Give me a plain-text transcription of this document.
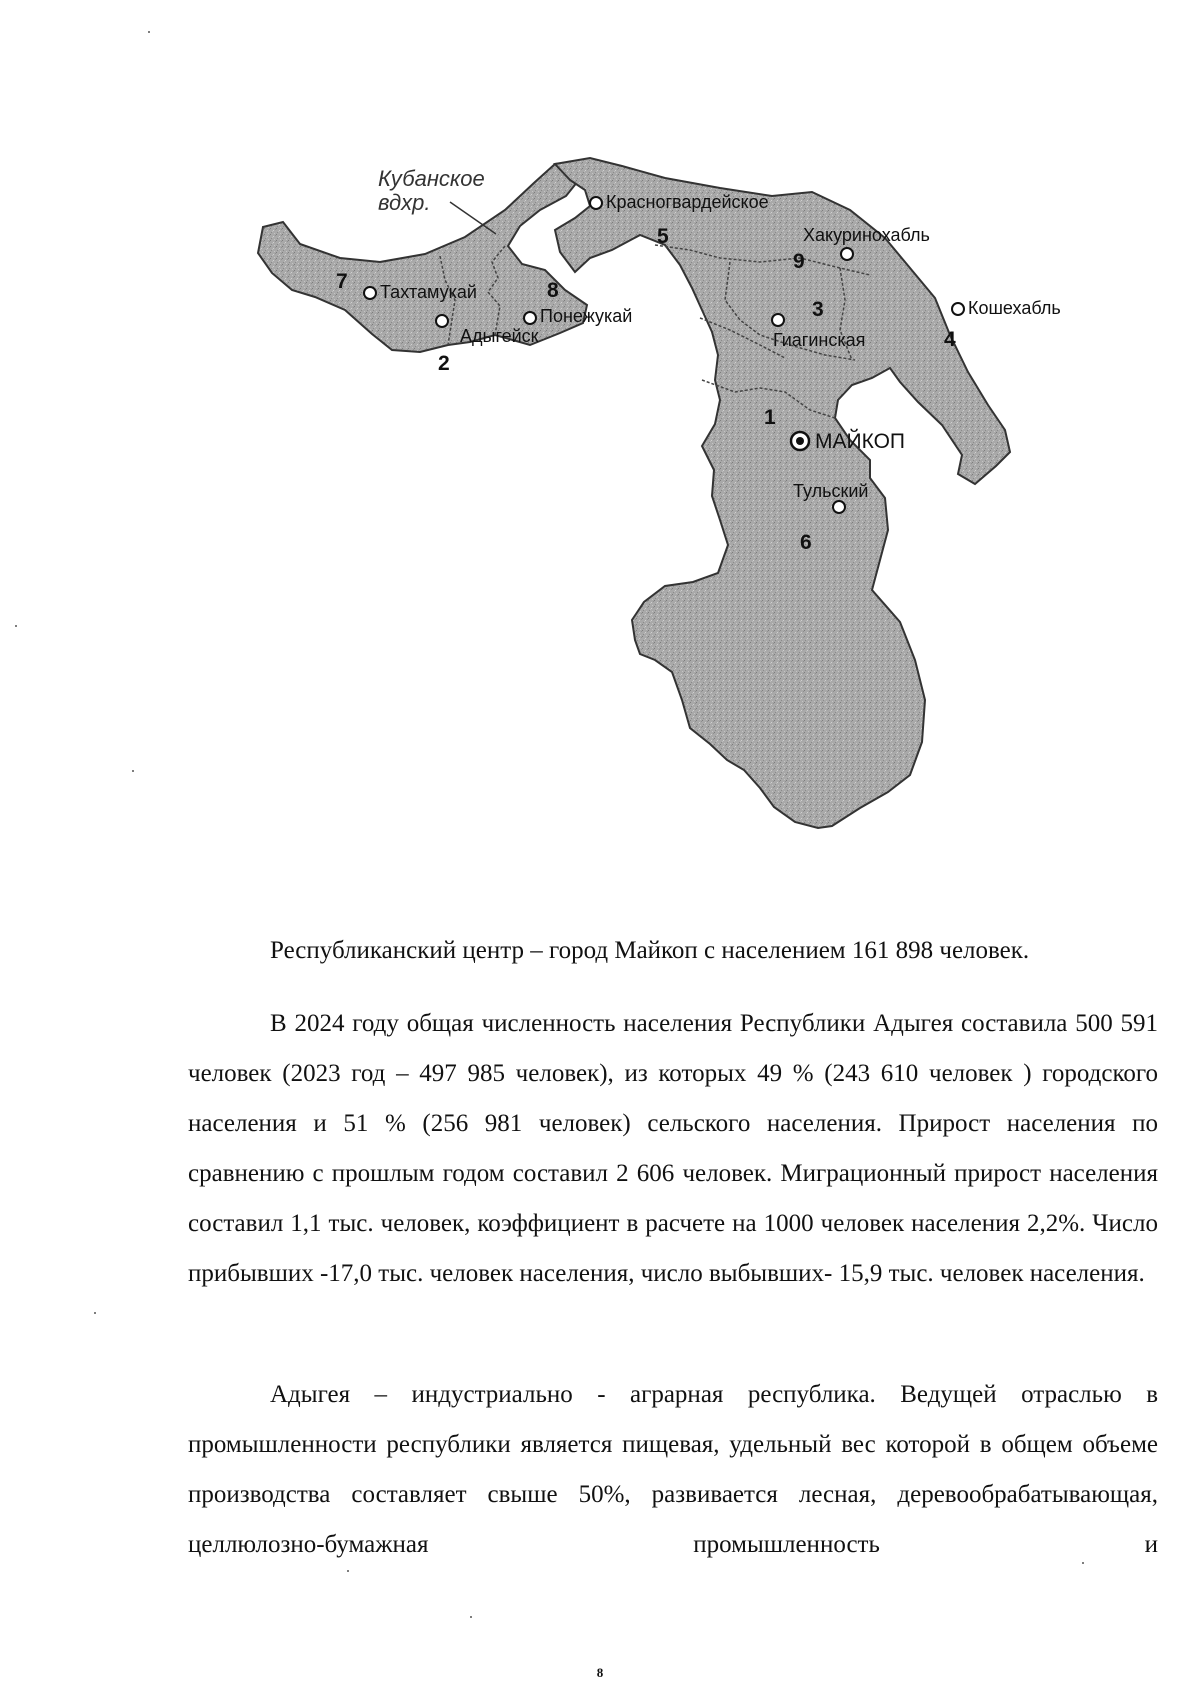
Кубанское
вдхр.	Красногвардейское
Хакуринохабль
Тахтамукай
Понежукай
Адыгейск	Гиагинская
Кошехабль
Тульский
МАЙКОП
7	8
2
5
9
3
4
1
6

Республиканский центр – город Майкоп с населением 161 898 человек.

В 2024 году общая численность населения Республики Адыгея составила 500 591 человек (2023 год – 497 985 человек), из которых 49 % (243 610 человек ) городского населения и 51 % (256 981 человек) сельского населения. Прирост населения по сравнению с прошлым годом составил 2 606 человек. Миграционный прирост населения составил 1,1 тыс. человек, коэффициент в расчете на 1000 человек населения 2,2%. Число прибывших -17,0 тыс. человек населения, число выбывших- 15,9 тыс. человек населения.

Адыгея – индустриально - аграрная республика. Ведущей отраслью в промышленности республики является пищевая, удельный вес которой в общем объеме производства составляет свыше 50%, развивается лесная, деревообрабатывающая, целлюлозно-бумажная промышленность и

8
